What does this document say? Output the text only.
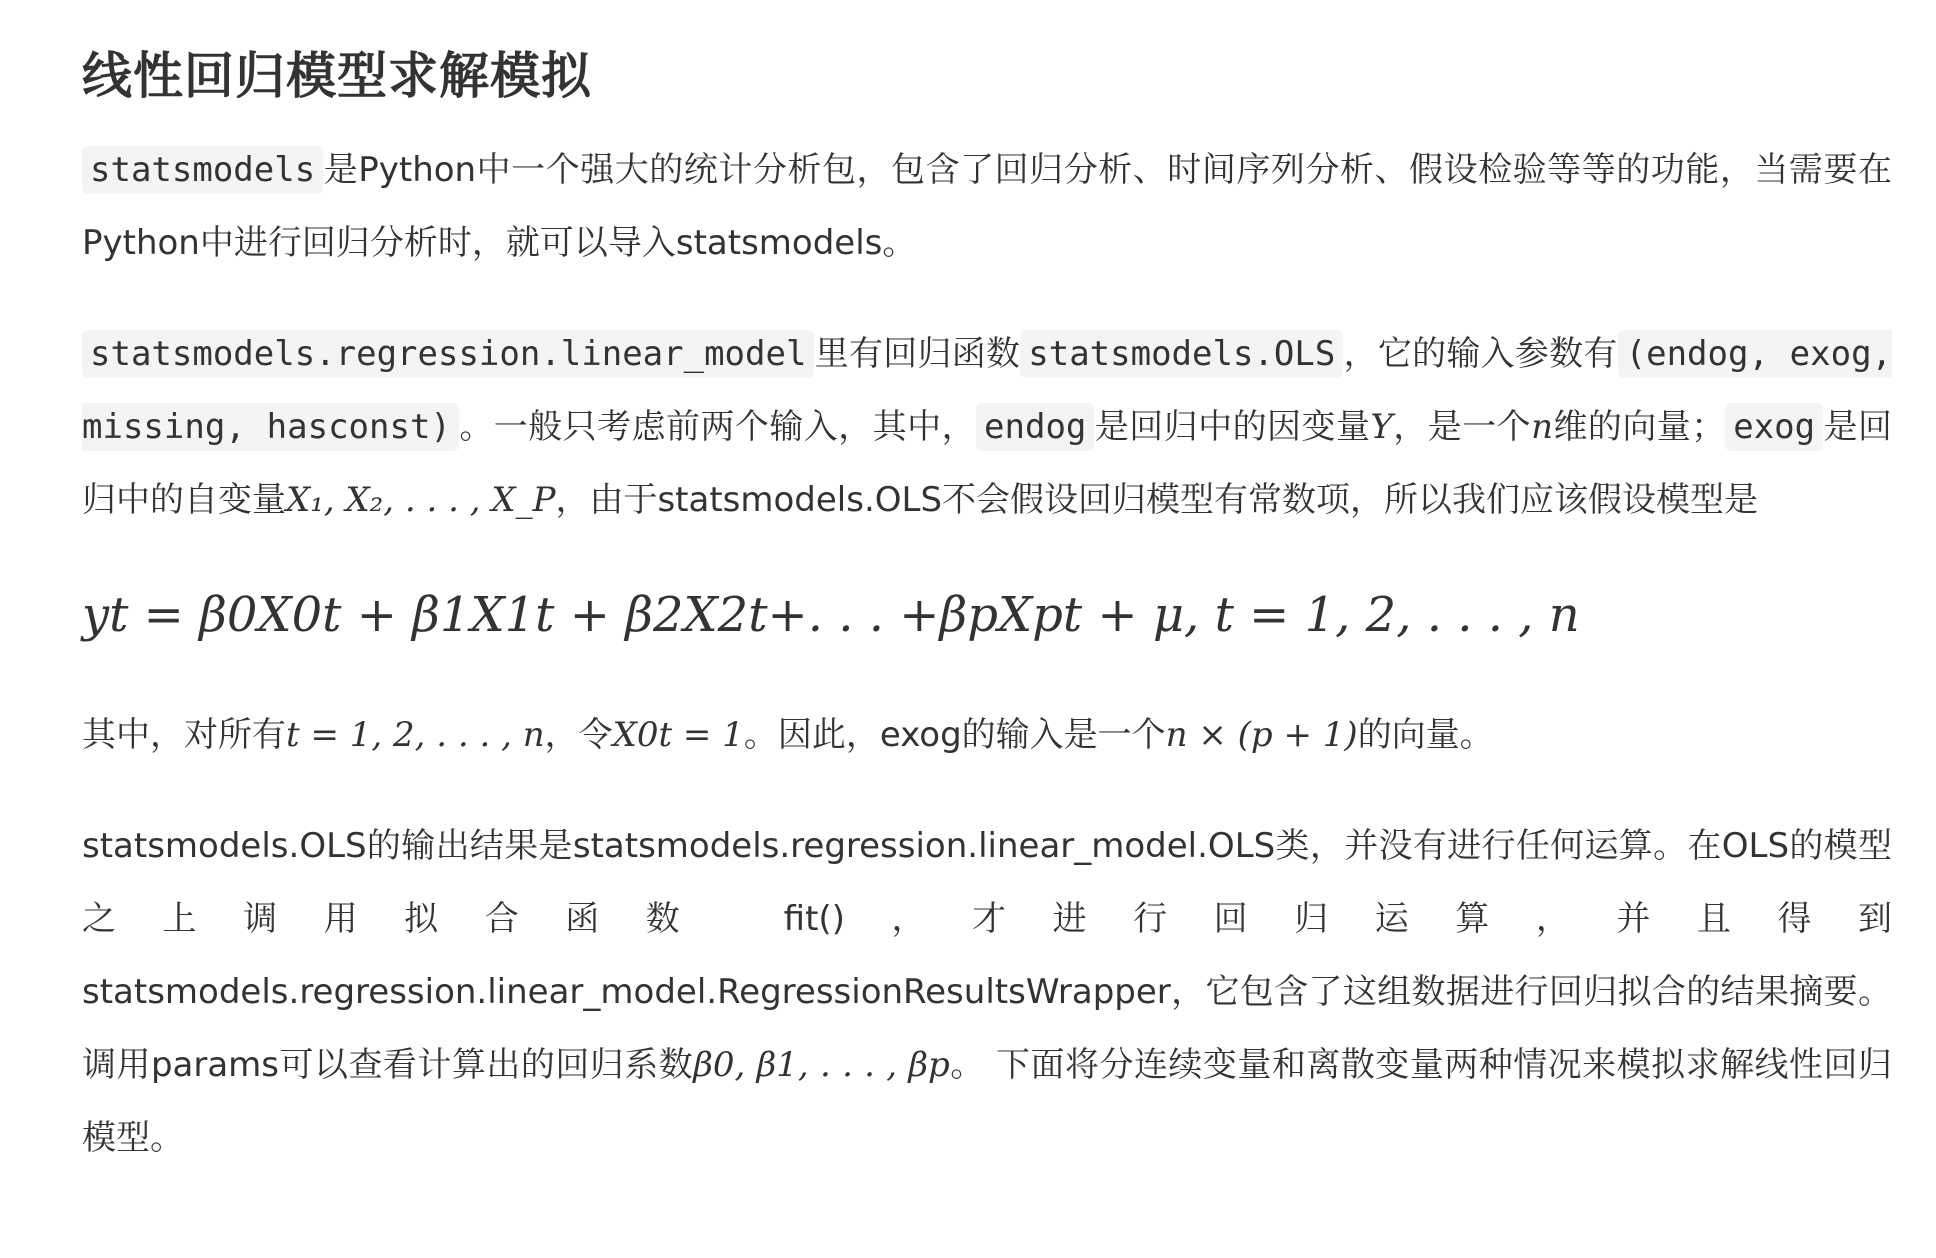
线性回归模型求解模拟

statsmodels 是Python中一个强大的统计分析包，包含了回归分析、时间序列分析、假设检验等等的功能，当需要在Python中进行回归分析时，就可以导入statsmodels。

statsmodels.regression.linear_model 里有回归函数 statsmodels.OLS ，它的输入参数有 (endog, exog, missing, hasconst) 。一般只考虑前两个输入，其中， endog 是回归中的因变量Y，是一个n维的向量； exog 是回归中的自变量X₁, X₂, . . . , X_P，由于statsmodels.OLS不会假设回归模型有常数项，所以我们应该假设模型是

yt = β0X0t + β1X1t + β2X2t+. . . +βpXpt + μ, t = 1, 2, . . . , n

其中，对所有t = 1, 2, . . . , n，令X0t = 1。因此，exog的输入是一个n × (p + 1)的向量。

statsmodels.OLS的输出结果是statsmodels.regression.linear_model.OLS类，并没有进行任何运算。在OLS的模型之上调用拟合函数 fit()，才进行回归运算，并且得到statsmodels.regression.linear_model.RegressionResultsWrapper，它包含了这组数据进行回归拟合的结果摘要。调用params可以查看计算出的回归系数β0, β1, . . . , βp。 下面将分连续变量和离散变量两种情况来模拟求解线性回归模型。
